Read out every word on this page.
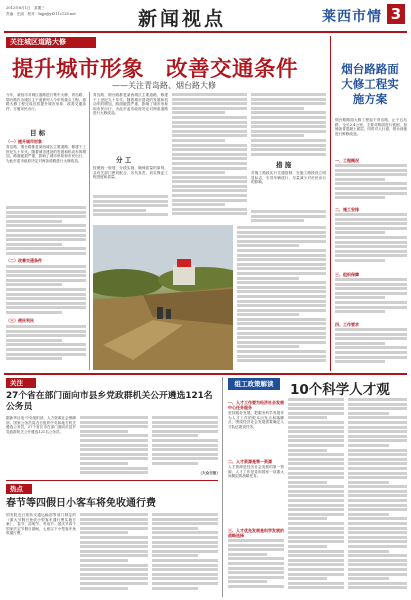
2012年8月1日　星期三
责编：庄丽　校对：hqjz@yt311c128.net	新闻视点	莱西市情 3
关注城区道路大修
提升城市形象　改善交通条件
——关注青岛路、烟台路大修
今年，莱西市对城区道路进行集中大修，青岛路、烟台路作为城区主干道被列入今年的重点工程。道路大修工程完成后将提升城市形象、改善交通条件，方便市民出行。
目 标
（一）提升城市形象
青岛路、烟台路都是莱西城区主要道路，修建于上世纪九十年代。随着城市建设的发展和机动车的增加，路面破损严重，影响了城市形象和市民出行，为此市委市政府决定对两条道路进行大修改造。
（二）改善交通条件
（三）便民利民
青岛路、烟台路都是莱西城区主要道路，修建于上世纪九十年代。随着城市建设的发展和机动车的增加，路面破损严重，影响了城市形象和市民出行，为此市委市政府决定对两条道路进行大修改造。
分 工
按照统一规划、分段实施、确保质量的原则，各有关部门密切配合、各负其责，切实保证工程进度和质量。
措 施
对施工路段实行交通管制，在施工路段设立明显标志，引导车辆绕行，尽量减少对市民出行的影响。
烟台路路面大修工程实施方案
烟台路路面大修工程起于青岛路，止于石岛路，全长2.4公里，主要对路面进行铣刨、加铺沥青混凝土面层，同时对人行道、排水设施进行维修改造。
一、工程概况
二、施工安排
三、组织保障
四、工作要求
关注
27个省在部门面向市县乡党政群机关公开遴选121名公务员
据新华社电 中央组织部、人力资源社会保障部、国家公务员局近日组织中央和地方机关遴选公务员，27个省区市在部门面向市县乡党政群机关公开遴选121名公务员。
（大众日报）
热点
春节等四假日小客车将免收通行费
国务院近日批转交通运输部等部门制定的《重大节假日免收小型客车通行费实施方案》，春节、清明节、劳动节、国庆节四个国家法定节假日期间，七座以下小型客车免收通行费。
组工政策解读	10个科学人才观
一、人才工作要为经济社会发展中心任务服务
坚持服务发展，把服务科学发展作为人才工作的根本出发点和落脚点，围绕经济社会发展需要确定人才队伍建设任务。
二、人才资源是第一资源
人才资源是经济社会发展的第一资源，人才工作是党和国家一项重大而紧迫的战略任务。
三、人才优先发展是科学发展的战略选择
